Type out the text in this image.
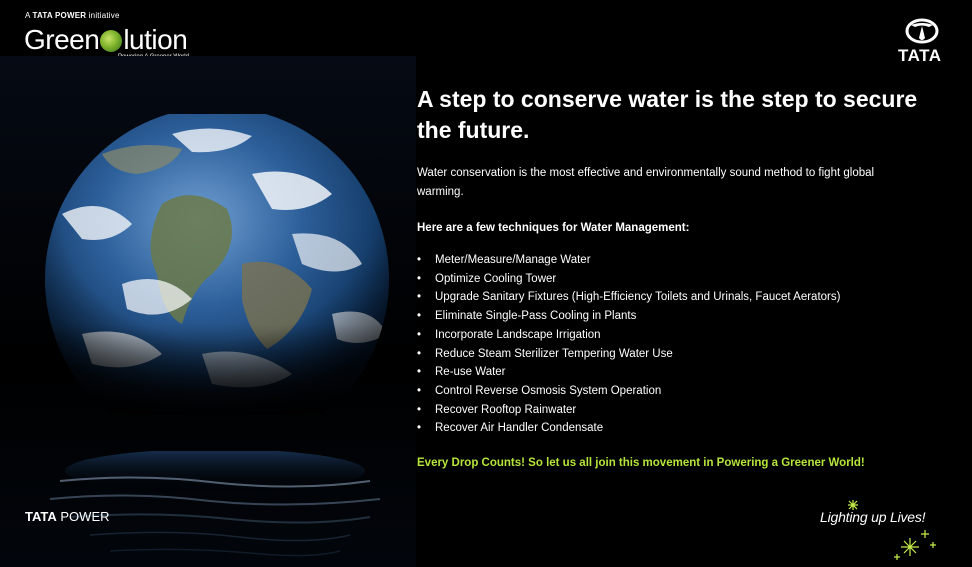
A TATA POWER initiative
Green lution
TATA
A step to conserve water is the step to secure the future.
Water conservation is the most effective and environmentally sound method to fight global warming.
Here are a few techniques for Water Management:
• Meter/Measure/Manage Water
• Optimize Cooling Tower
• Upgrade Sanitary Fixtures (High-Efficiency Toilets and Urinals, Faucet Aerators)
• Eliminate Single-Pass Cooling in Plants
• Incorporate Landscape Irrigation
• Reduce Steam Sterilizer Tempering Water Use
• Re-use Water
• Control Reverse Osmosis System Operation
• Recover Rooftop Rainwater
• Recover Air Handler Condensate
Every Drop Counts! So let us all join this movement in Powering a Greener World!
TATA POWER	Lighting up Lives!
